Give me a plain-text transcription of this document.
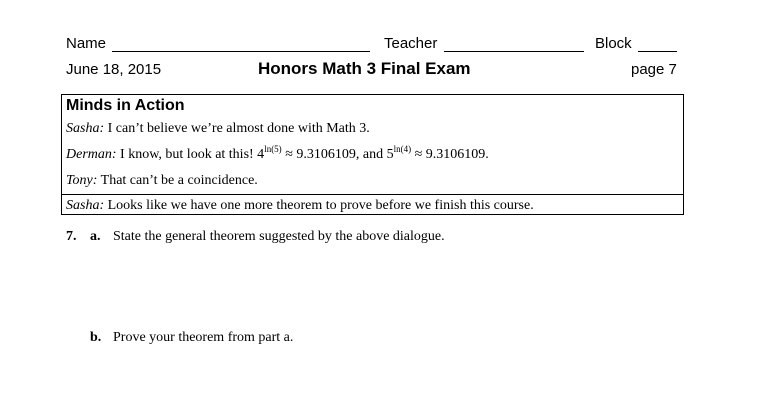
Name	Teacher	Block
June 18, 2015	Honors Math 3 Final Exam	page 7
Minds in Action
Sasha: I can’t believe we’re almost done with Math 3.
Derman: I know, but look at this! $4^{ln(5)} \approx 9.3106109$, and $5^{ln(4)} \approx 9.3106109$.
Tony: That can’t be a coincidence.
Sasha: Looks like we have one more theorem to prove before we finish this course.
7. a. State the general theorem suggested by the above dialogue.
b. Prove your theorem from part a.
